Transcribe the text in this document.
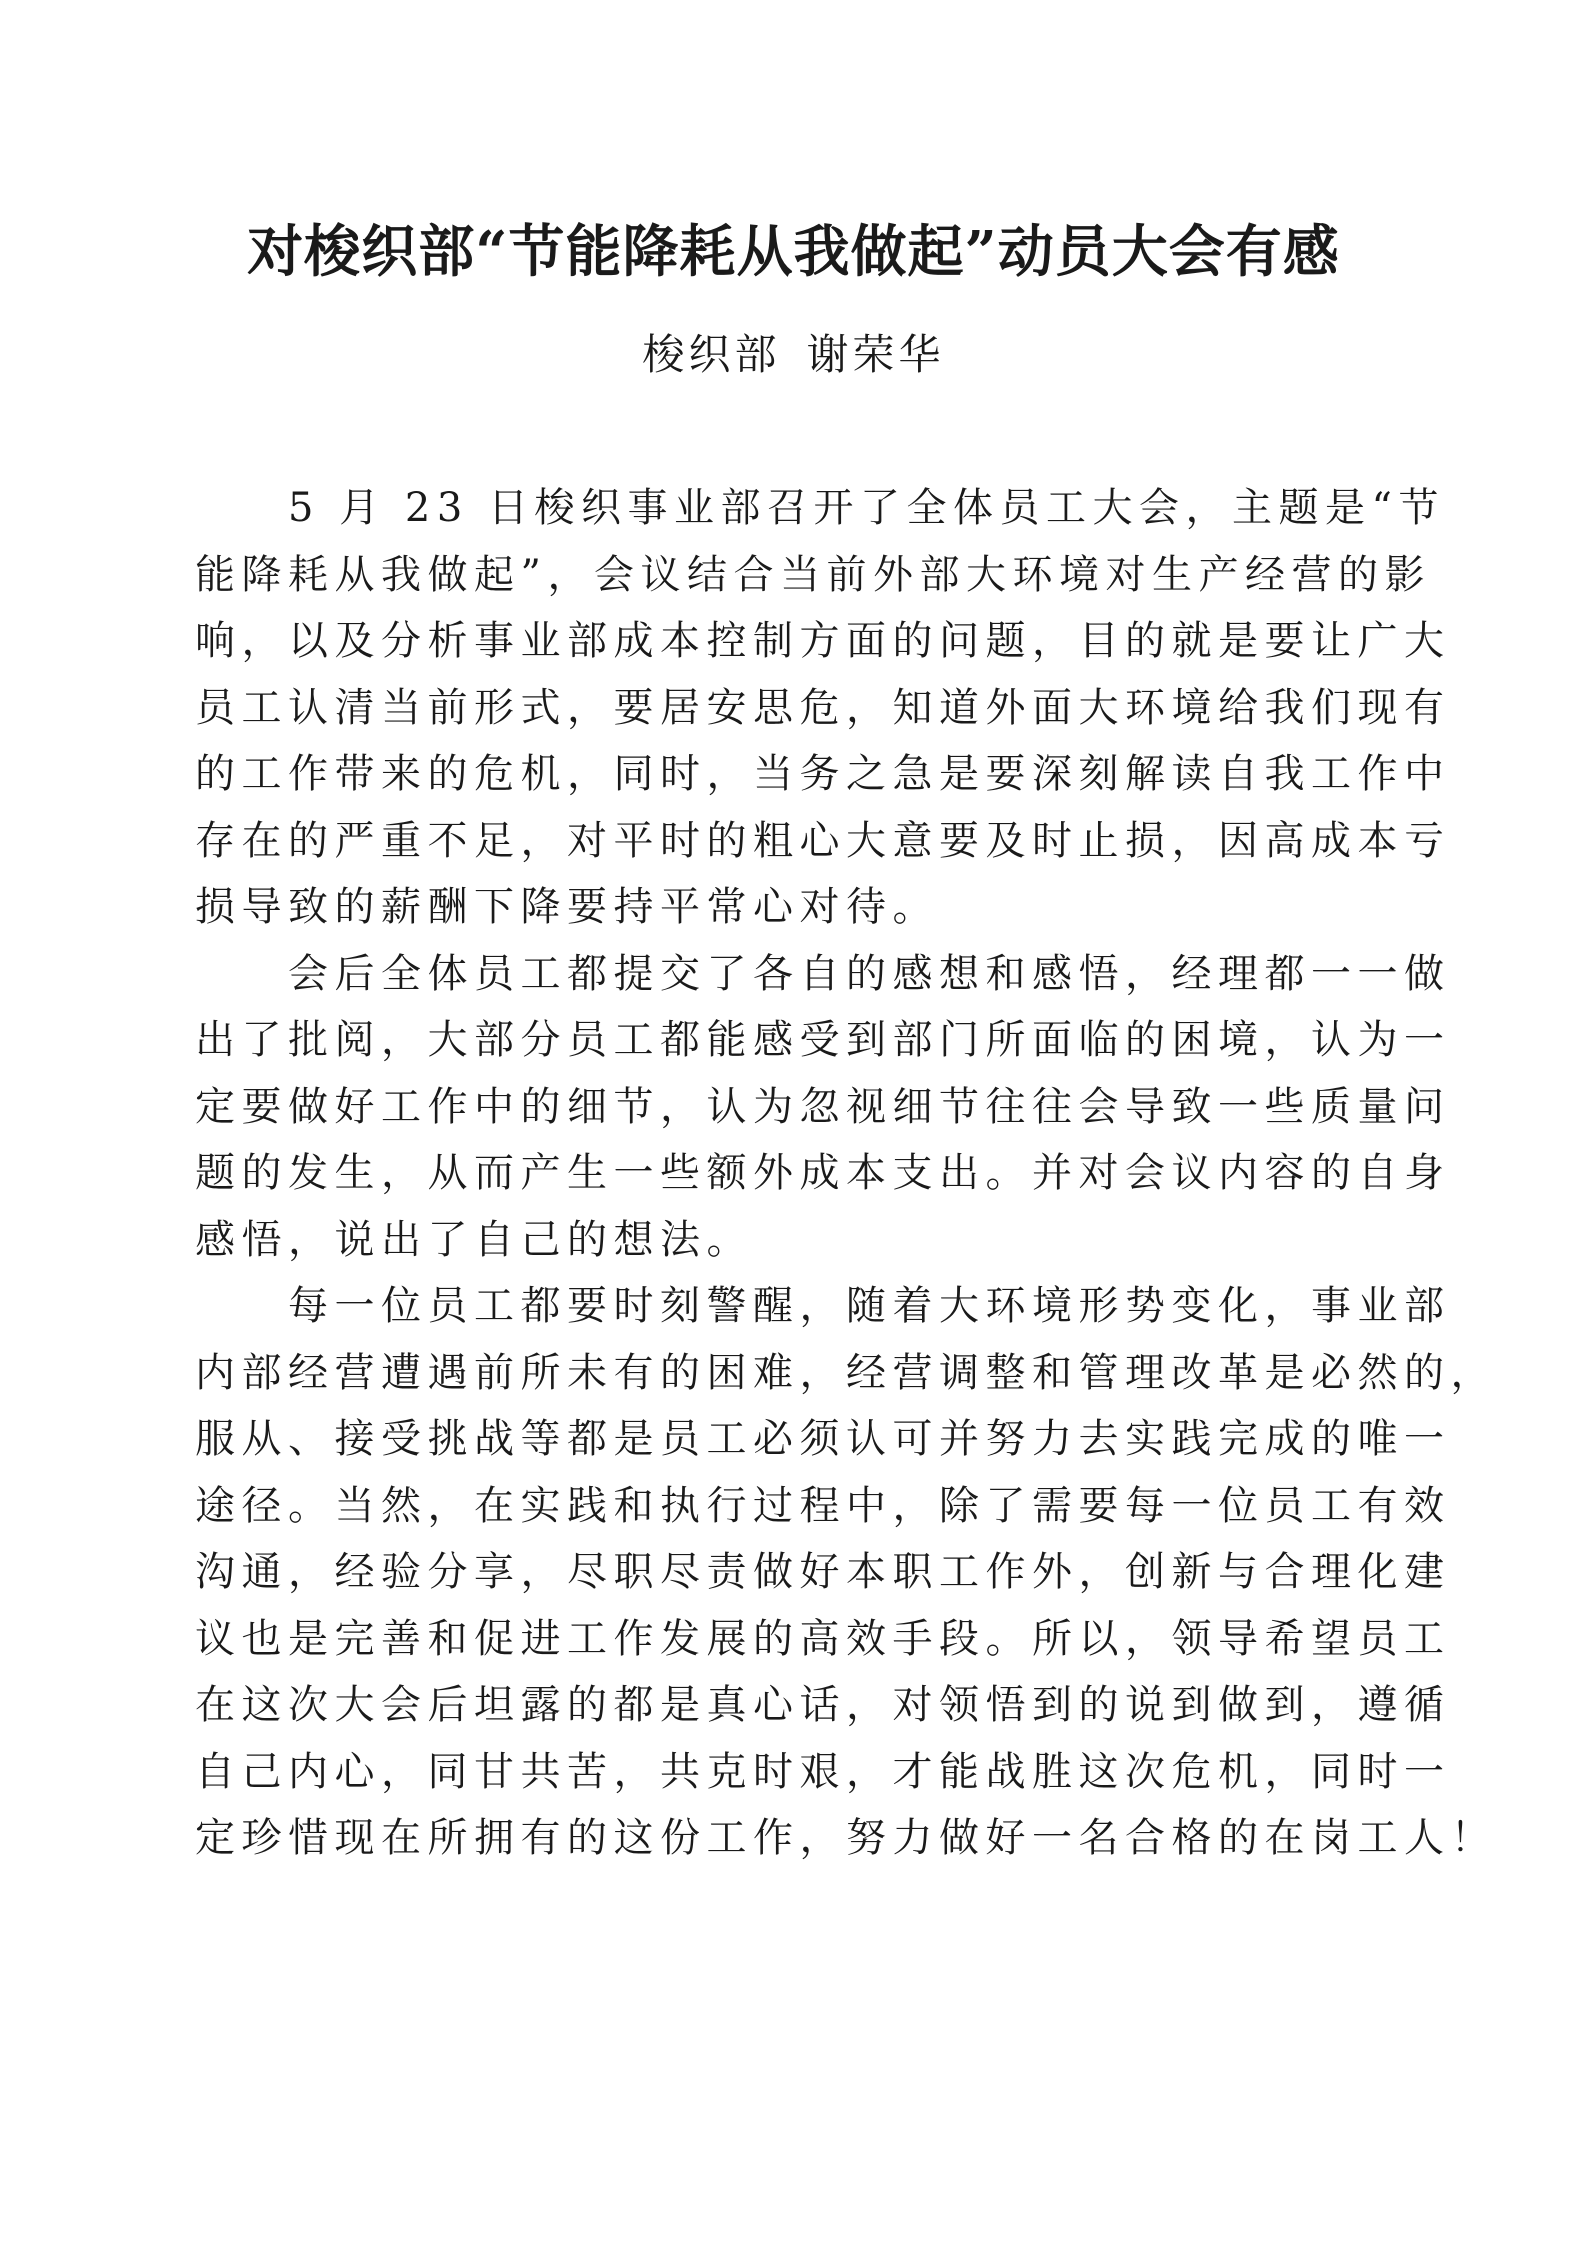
对梭织部“节能降耗从我做起”动员大会有感
梭织部 谢荣华
5 月 23 日梭织事业部召开了全体员工大会，主题是“节
能降耗从我做起”，会议结合当前外部大环境对生产经营的影
响，以及分析事业部成本控制方面的问题，目的就是要让广大
员工认清当前形式，要居安思危，知道外面大环境给我们现有
的工作带来的危机，同时，当务之急是要深刻解读自我工作中
存在的严重不足，对平时的粗心大意要及时止损，因高成本亏
损导致的薪酬下降要持平常心对待。
会后全体员工都提交了各自的感想和感悟，经理都一一做
出了批阅，大部分员工都能感受到部门所面临的困境，认为一
定要做好工作中的细节，认为忽视细节往往会导致一些质量问
题的发生，从而产生一些额外成本支出。并对会议内容的自身
感悟，说出了自己的想法。
每一位员工都要时刻警醒，随着大环境形势变化，事业部
内部经营遭遇前所未有的困难，经营调整和管理改革是必然的，
服从、接受挑战等都是员工必须认可并努力去实践完成的唯一
途径。当然，在实践和执行过程中，除了需要每一位员工有效
沟通，经验分享，尽职尽责做好本职工作外，创新与合理化建
议也是完善和促进工作发展的高效手段。所以，领导希望员工
在这次大会后坦露的都是真心话，对领悟到的说到做到，遵循
自己内心，同甘共苦，共克时艰，才能战胜这次危机，同时一
定珍惜现在所拥有的这份工作，努力做好一名合格的在岗工人！
